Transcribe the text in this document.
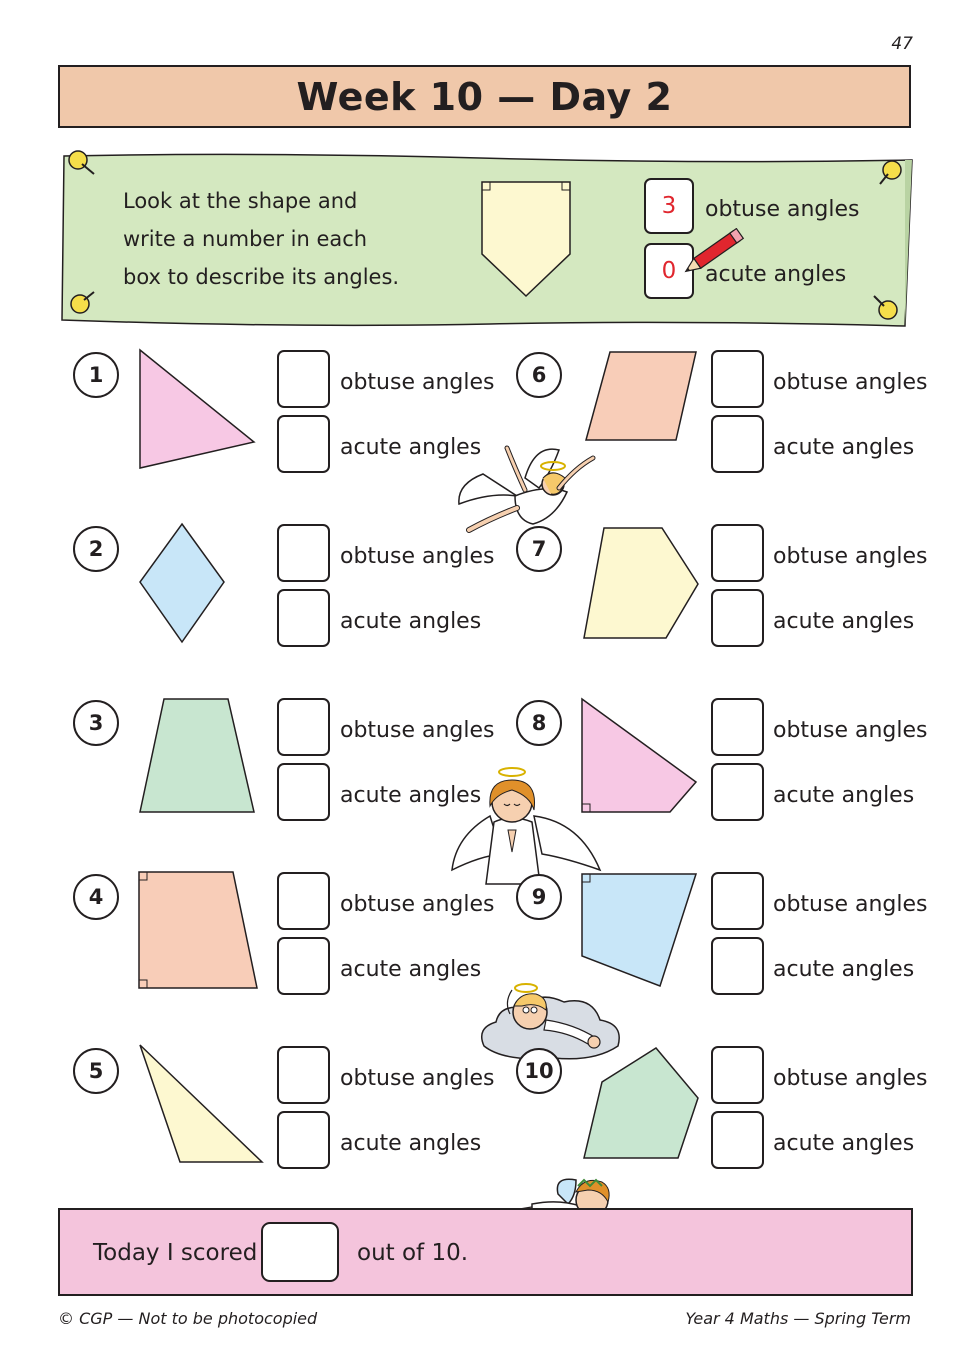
47
Week 10 — Day 2
Look at the shape and
write a number in each
box to describe its angles.
3	obtuse angles
0	acute angles
1	obtuse angles
acute angles
2	obtuse angles
acute angles
3	obtuse angles
acute angles
4	obtuse angles
acute angles
5	obtuse angles
acute angles
6	obtuse angles
acute angles
7	obtuse angles
acute angles
8	obtuse angles
acute angles
9	obtuse angles
acute angles
10	obtuse angles
acute angles
Today I scored	out of 10.
© CGP — Not to be photocopied	Year 4 Maths — Spring Term
